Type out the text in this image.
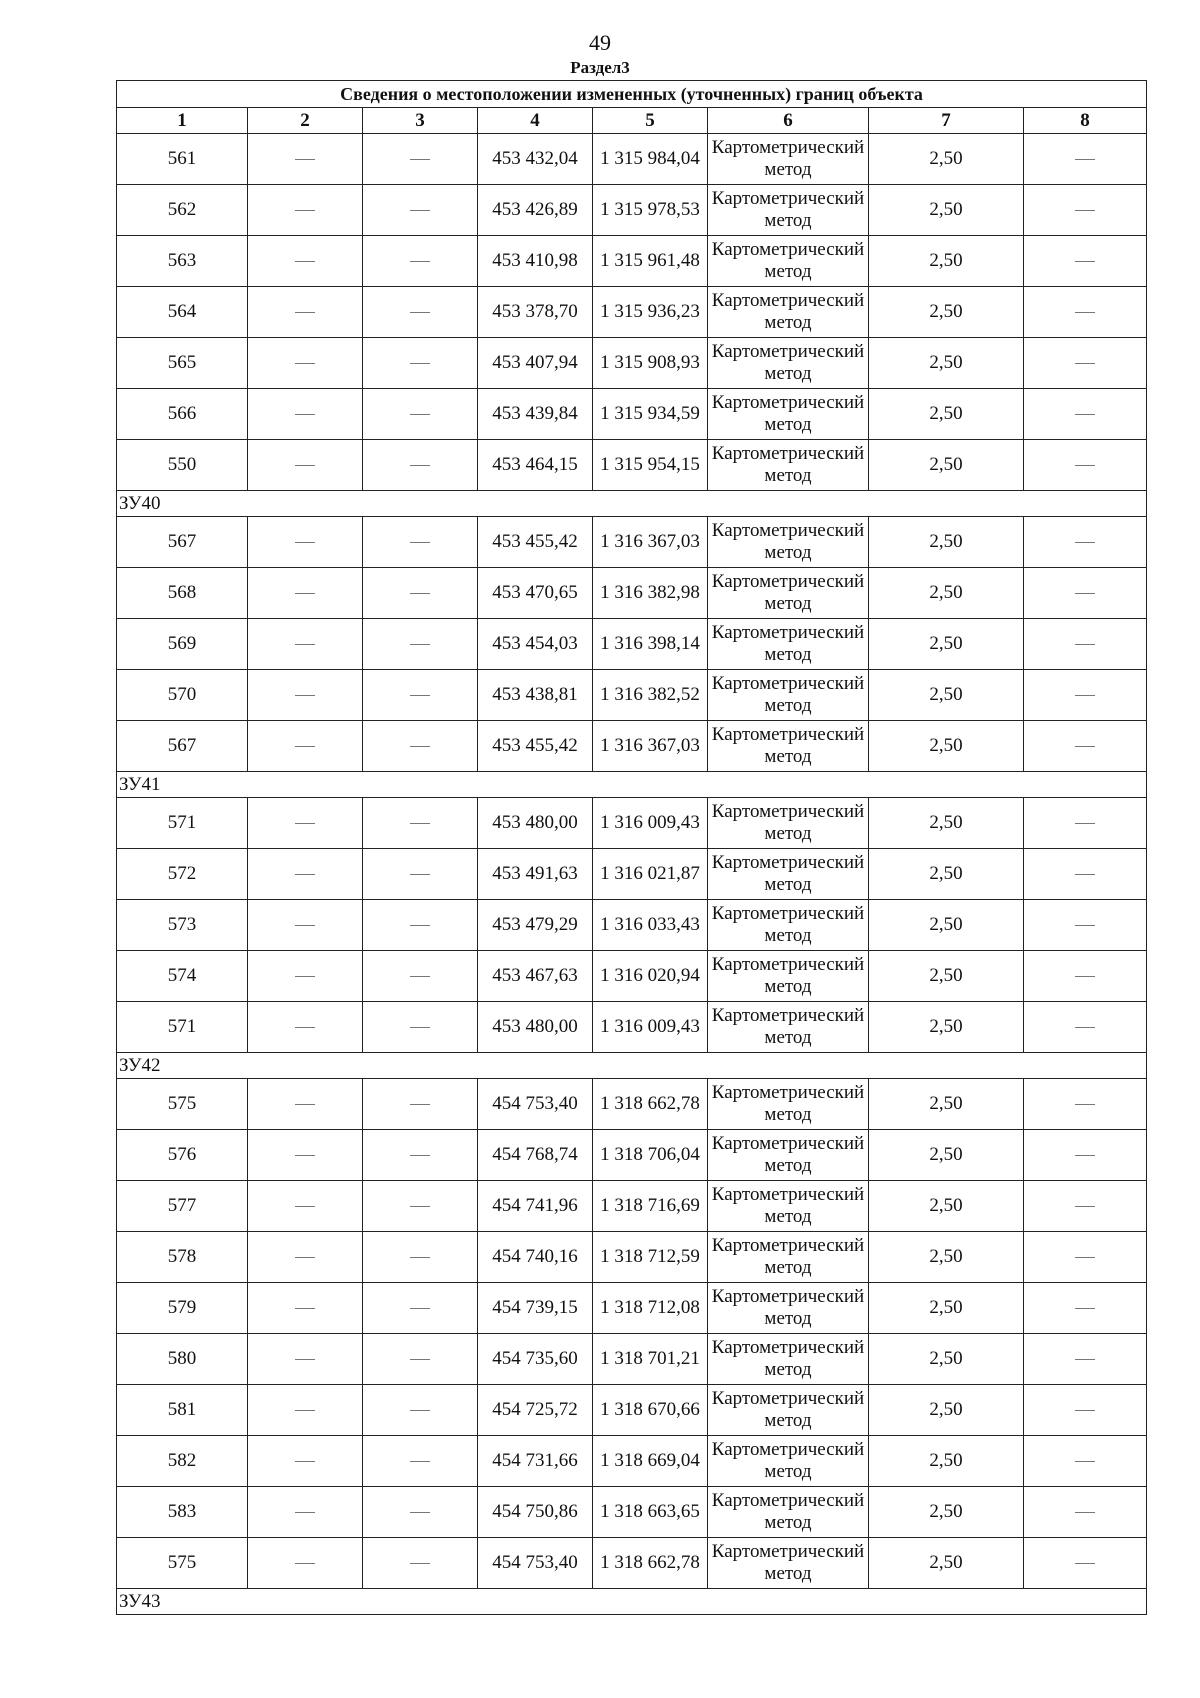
49
Раздел3
Сведения о местоположении измененных (уточненных) границ объекта							
1	2	3	4	5	6	7	8
561			453 432,04	1 315 984,04	Картометрический метод	2,50	
562			453 426,89	1 315 978,53	Картометрический метод	2,50	
563			453 410,98	1 315 961,48	Картометрический метод	2,50	
564			453 378,70	1 315 936,23	Картометрический метод	2,50	
565			453 407,94	1 315 908,93	Картометрический метод	2,50	
566			453 439,84	1 315 934,59	Картометрический метод	2,50	
550			453 464,15	1 315 954,15	Картометрический метод	2,50	
ЗУ40							
567			453 455,42	1 316 367,03	Картометрический метод	2,50	
568			453 470,65	1 316 382,98	Картометрический метод	2,50	
569			453 454,03	1 316 398,14	Картометрический метод	2,50	
570			453 438,81	1 316 382,52	Картометрический метод	2,50	
567			453 455,42	1 316 367,03	Картометрический метод	2,50	
ЗУ41							
571			453 480,00	1 316 009,43	Картометрический метод	2,50	
572			453 491,63	1 316 021,87	Картометрический метод	2,50	
573			453 479,29	1 316 033,43	Картометрический метод	2,50	
574			453 467,63	1 316 020,94	Картометрический метод	2,50	
571			453 480,00	1 316 009,43	Картометрический метод	2,50	
ЗУ42							
575			454 753,40	1 318 662,78	Картометрический метод	2,50	
576			454 768,74	1 318 706,04	Картометрический метод	2,50	
577			454 741,96	1 318 716,69	Картометрический метод	2,50	
578			454 740,16	1 318 712,59	Картометрический метод	2,50	
579			454 739,15	1 318 712,08	Картометрический метод	2,50	
580			454 735,60	1 318 701,21	Картометрический метод	2,50	
581			454 725,72	1 318 670,66	Картометрический метод	2,50	
582			454 731,66	1 318 669,04	Картометрический метод	2,50	
583			454 750,86	1 318 663,65	Картометрический метод	2,50	
575			454 753,40	1 318 662,78	Картометрический метод	2,50	
ЗУ43							
